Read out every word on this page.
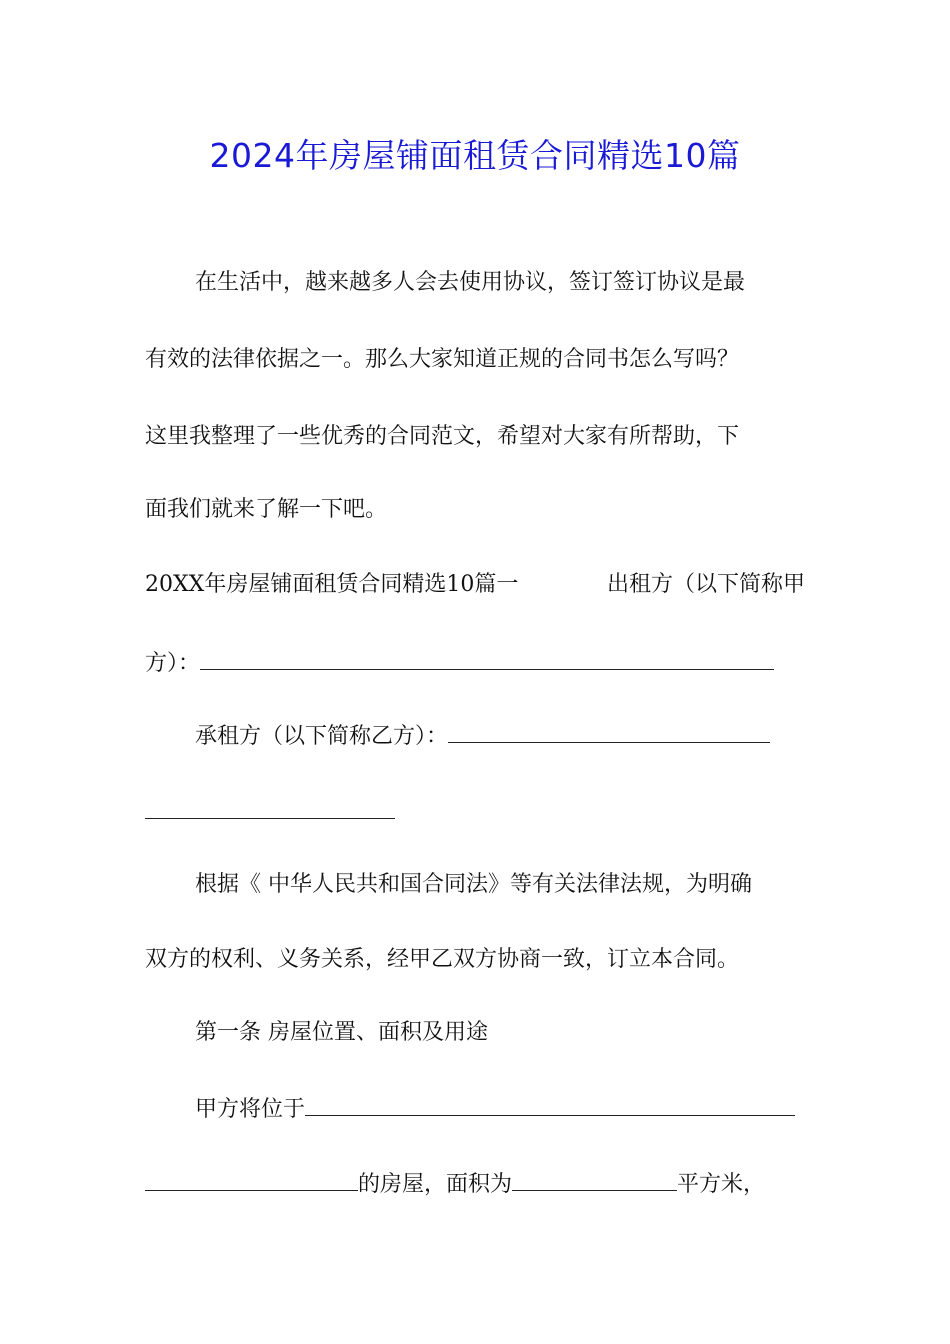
2024年房屋铺面租赁合同精选10篇
在生活中，越来越多人会去使用协议，签订签订协议是最
有效的法律依据之一。那么大家知道正规的合同书怎么写吗？
这里我整理了一些优秀的合同范文，希望对大家有所帮助，下
面我们就来了解一下吧。
20XX年房屋铺面租赁合同精选10篇一	出租方（以下简称甲
方）：
承租方（以下简称乙方）：
根据《 中华人民共和国合同法》等有关法律法规，为明确
双方的权利、义务关系，经甲乙双方协商一致，订立本合同。
第一条 房屋位置、面积及用途
甲方将位于
的房屋，面积为	平方米，
